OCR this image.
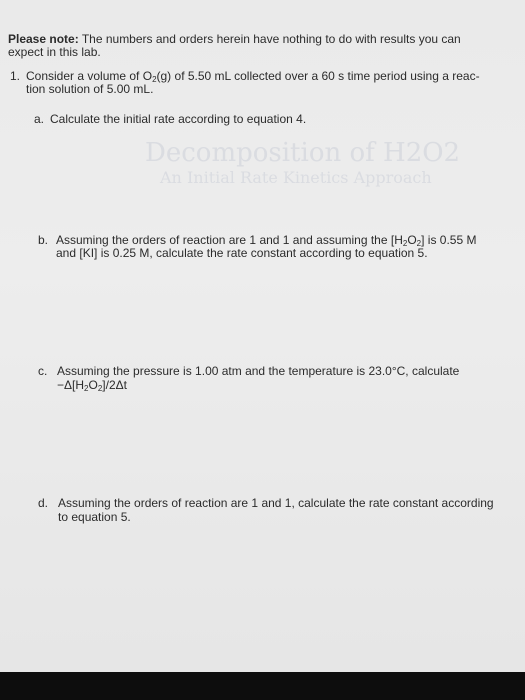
Decomposition of H2O2
An Initial Rate Kinetics Approach
Please note: The numbers and orders herein have nothing to do with results you can
expect in this lab.
1. Consider a volume of $O_2(g)$ of 5.50 mL collected over a 60 s time period using a reac-
tion solution of 5.00 mL.
a. Calculate the initial rate according to equation 4.
b. Assuming the orders of reaction are 1 and 1 and assuming the $[H_2O_2]$ is 0.55 M
and [KI] is 0.25 M, calculate the rate constant according to equation 5.
c. Assuming the pressure is 1.00 atm and the temperature is 23.0°C, calculate
$-\Delta[H_2O_2]/2\Delta t$
d. Assuming the orders of reaction are 1 and 1, calculate the rate constant according
to equation 5.
